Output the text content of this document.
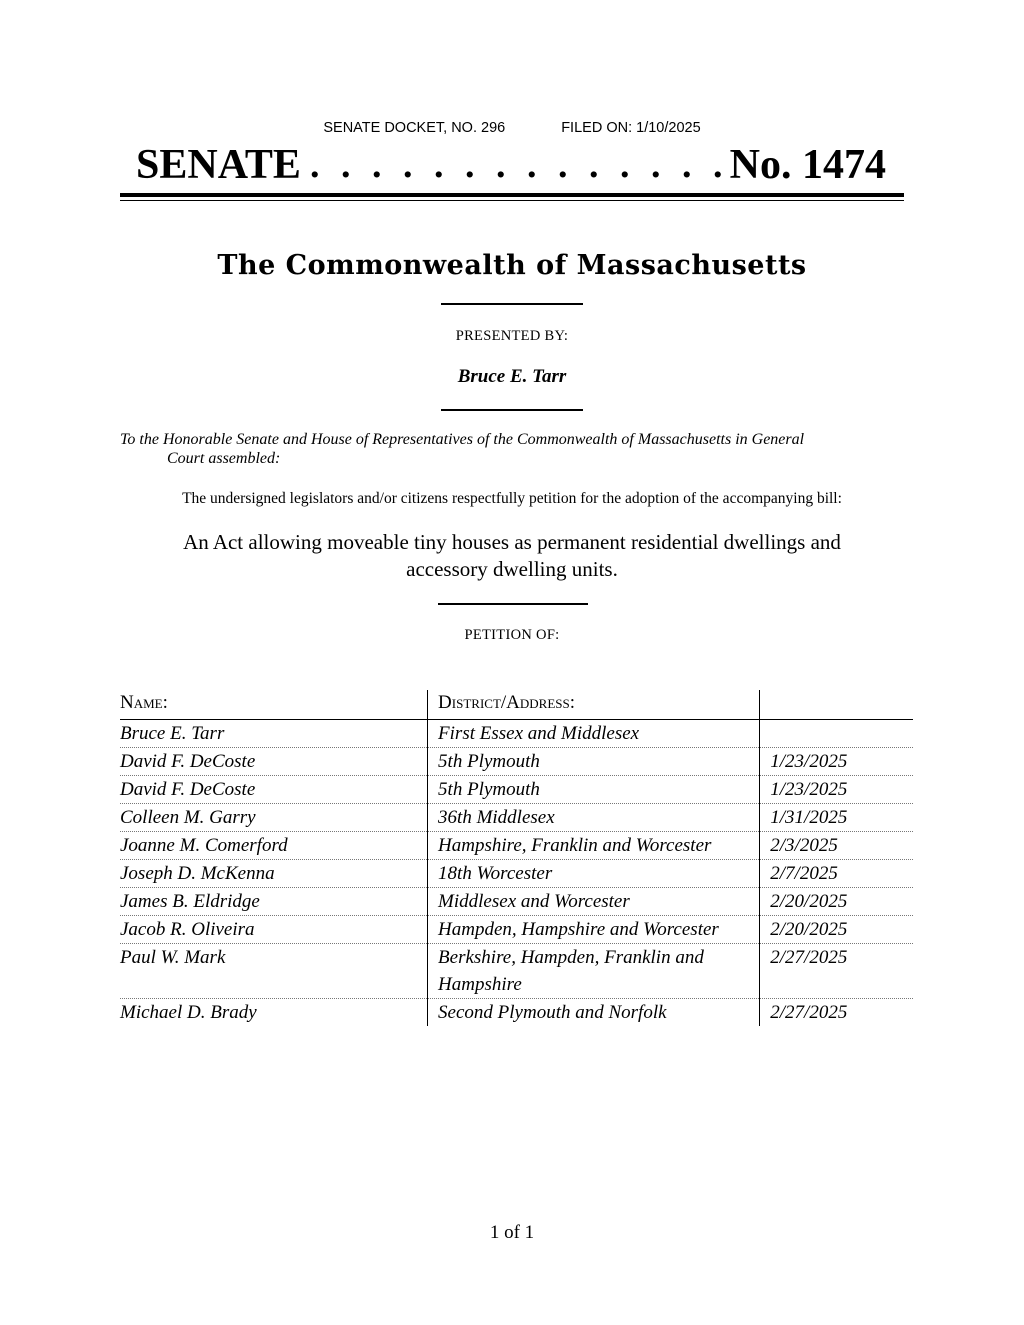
SENATE DOCKET, NO. 296	FILED ON: 1/10/2025
SENATE . . . . . . . . . . . . . . No. 1474
The Commonwealth of Massachusetts
PRESENTED BY:
Bruce E. Tarr
To the Honorable Senate and House of Representatives of the Commonwealth of Massachusetts in General
Court assembled:
The undersigned legislators and/or citizens respectfully petition for the adoption of the accompanying bill:
An Act allowing moveable tiny houses as permanent residential dwellings and accessory dwelling units.
PETITION OF:
Name:	District/Address:	
Bruce E. Tarr	First Essex and Middlesex	
David F. DeCoste	5th Plymouth	1/23/2025
David F. DeCoste	5th Plymouth	1/23/2025
Colleen M. Garry	36th Middlesex	1/31/2025
Joanne M. Comerford	Hampshire, Franklin and Worcester	2/3/2025
Joseph D. McKenna	18th Worcester	2/7/2025
James B. Eldridge	Middlesex and Worcester	2/20/2025
Jacob R. Oliveira	Hampden, Hampshire and Worcester	2/20/2025
Paul W. Mark	Berkshire, Hampden, Franklin and Hampshire	2/27/2025
Michael D. Brady	Second Plymouth and Norfolk	2/27/2025
1 of 1
